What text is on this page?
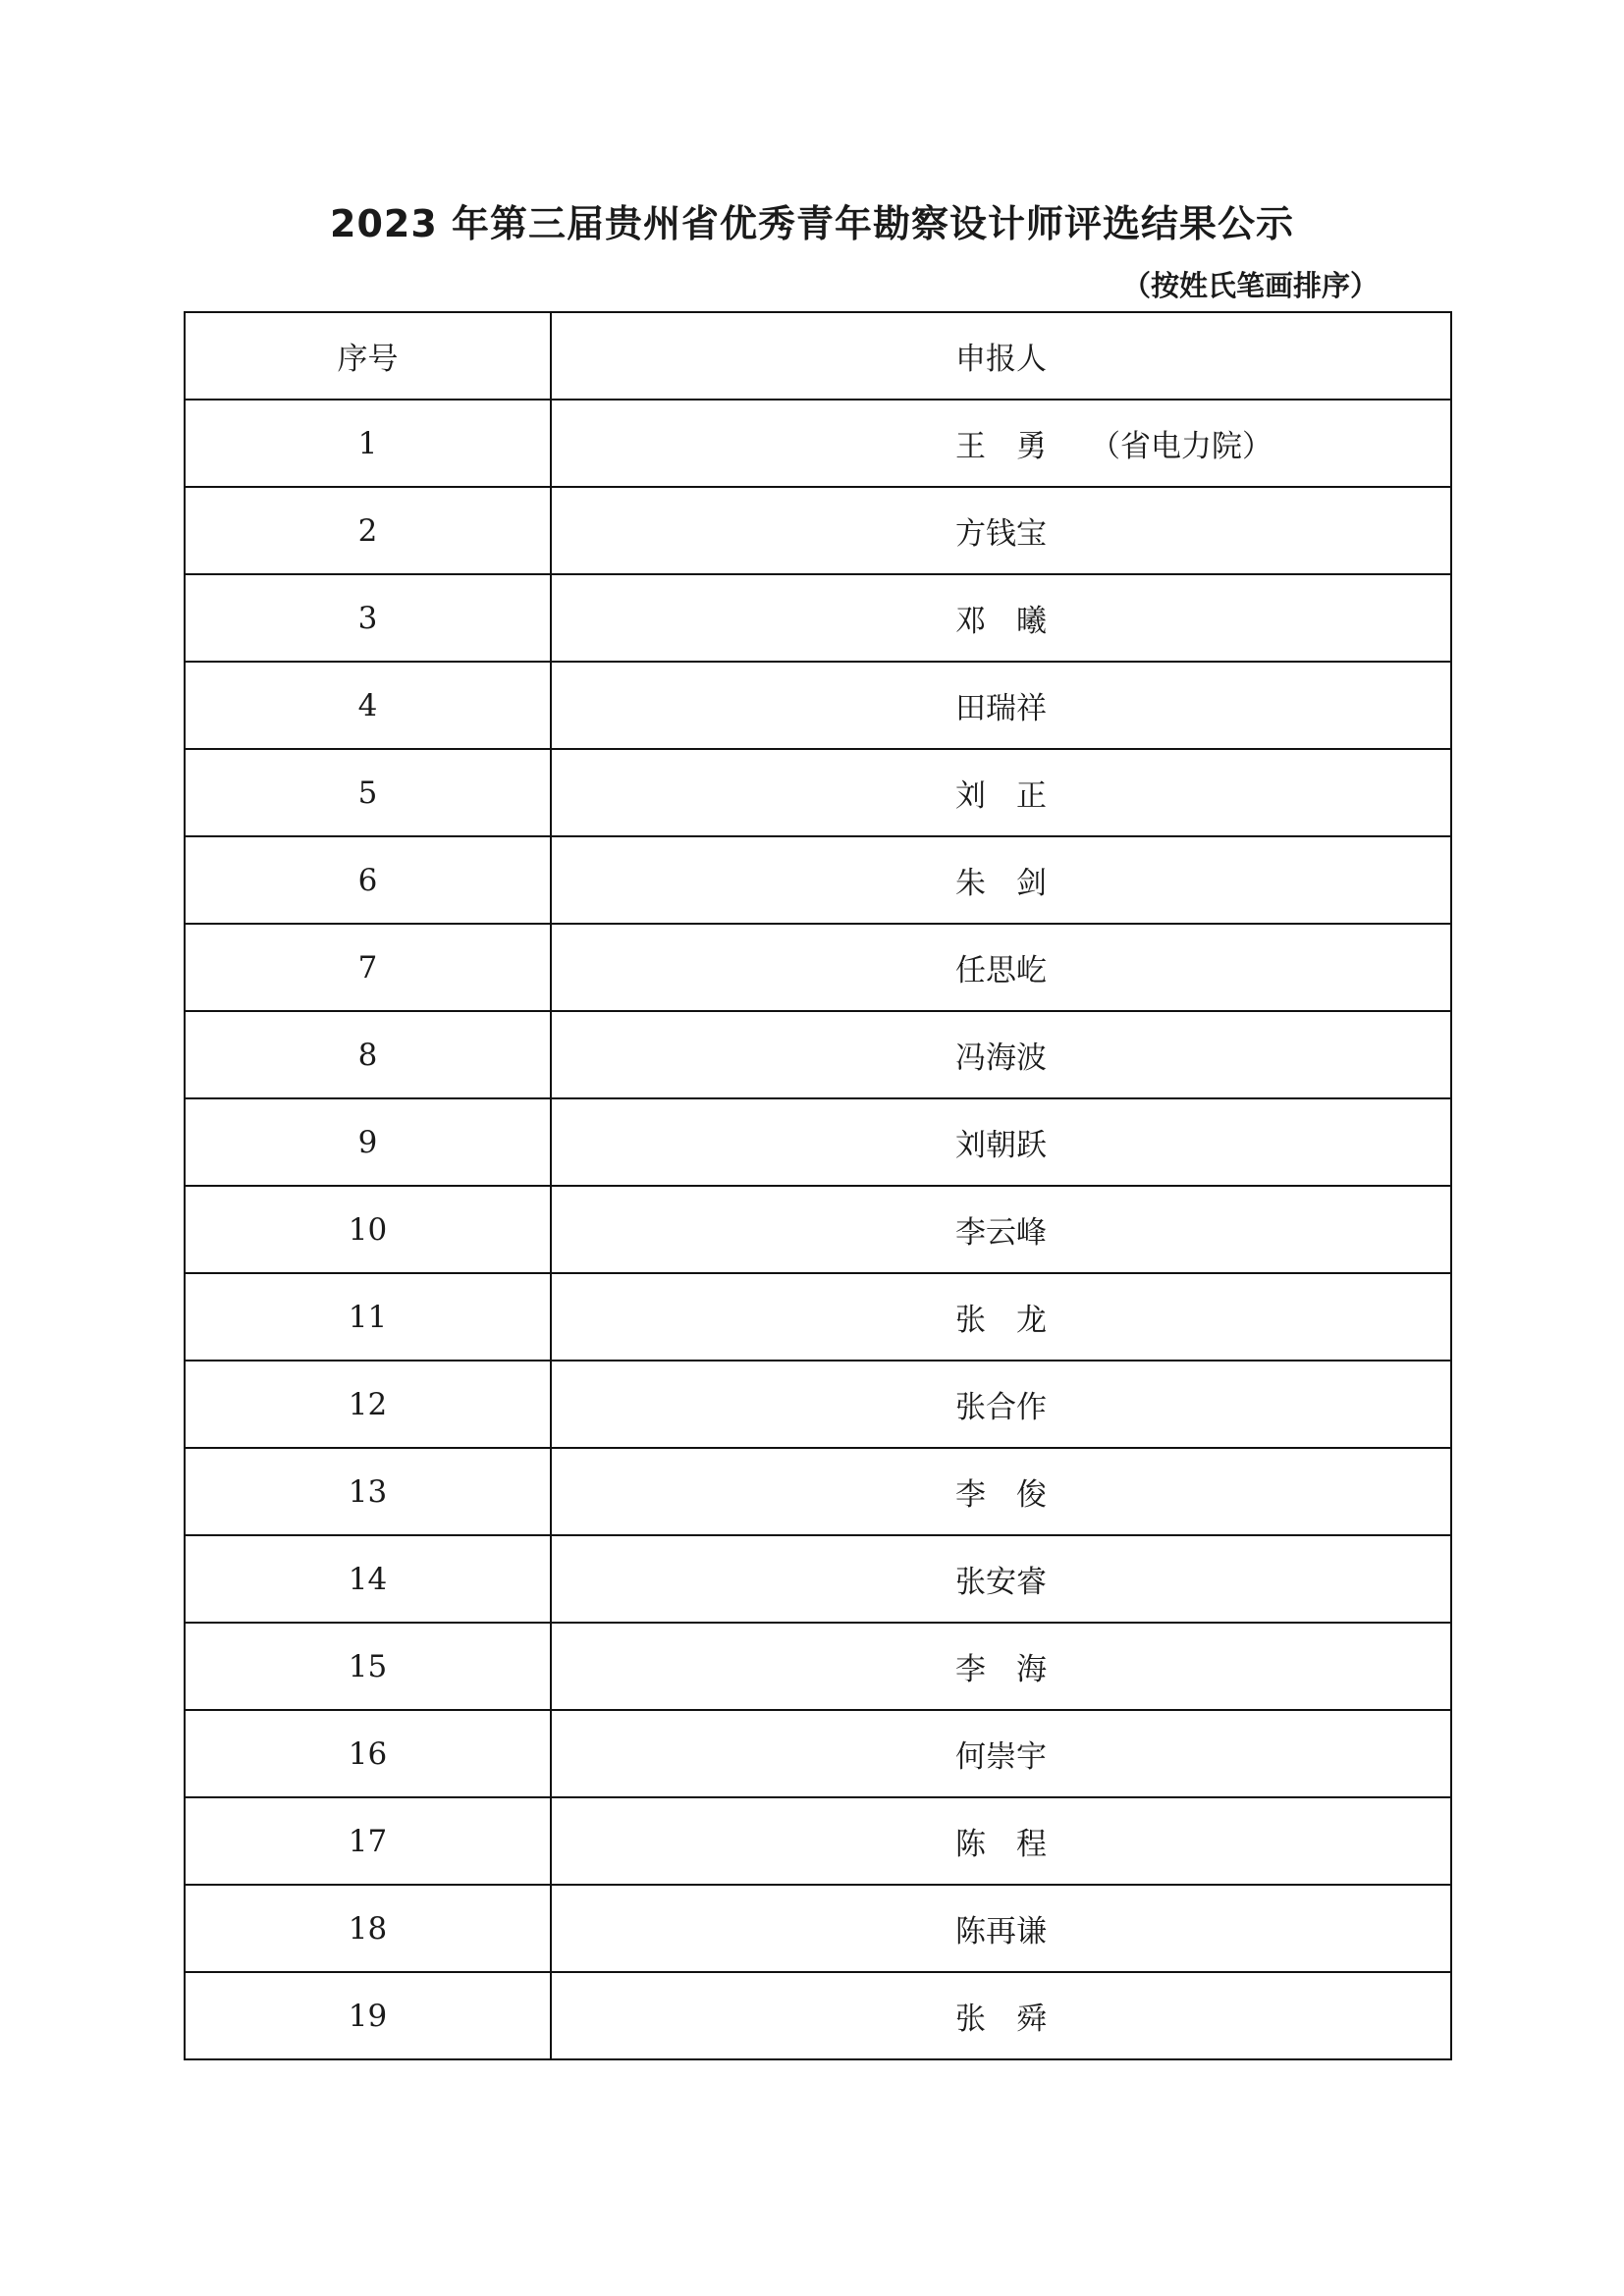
2023 年第三届贵州省优秀青年勘察设计师评选结果公示
（按姓氏笔画排序）
序号	申报人
1	王　勇 （省电力院）

2	方钱宝
3	邓　曦
4	田瑞祥
5	刘　正
6	朱　剑
7	任思屹
8	冯海波
9	刘朝跃
10	李云峰
11	张　龙
12	张合作
13	李　俊
14	张安睿
15	李　海
16	何崇宇
17	陈　程
18	陈再谦
19	张　舜
